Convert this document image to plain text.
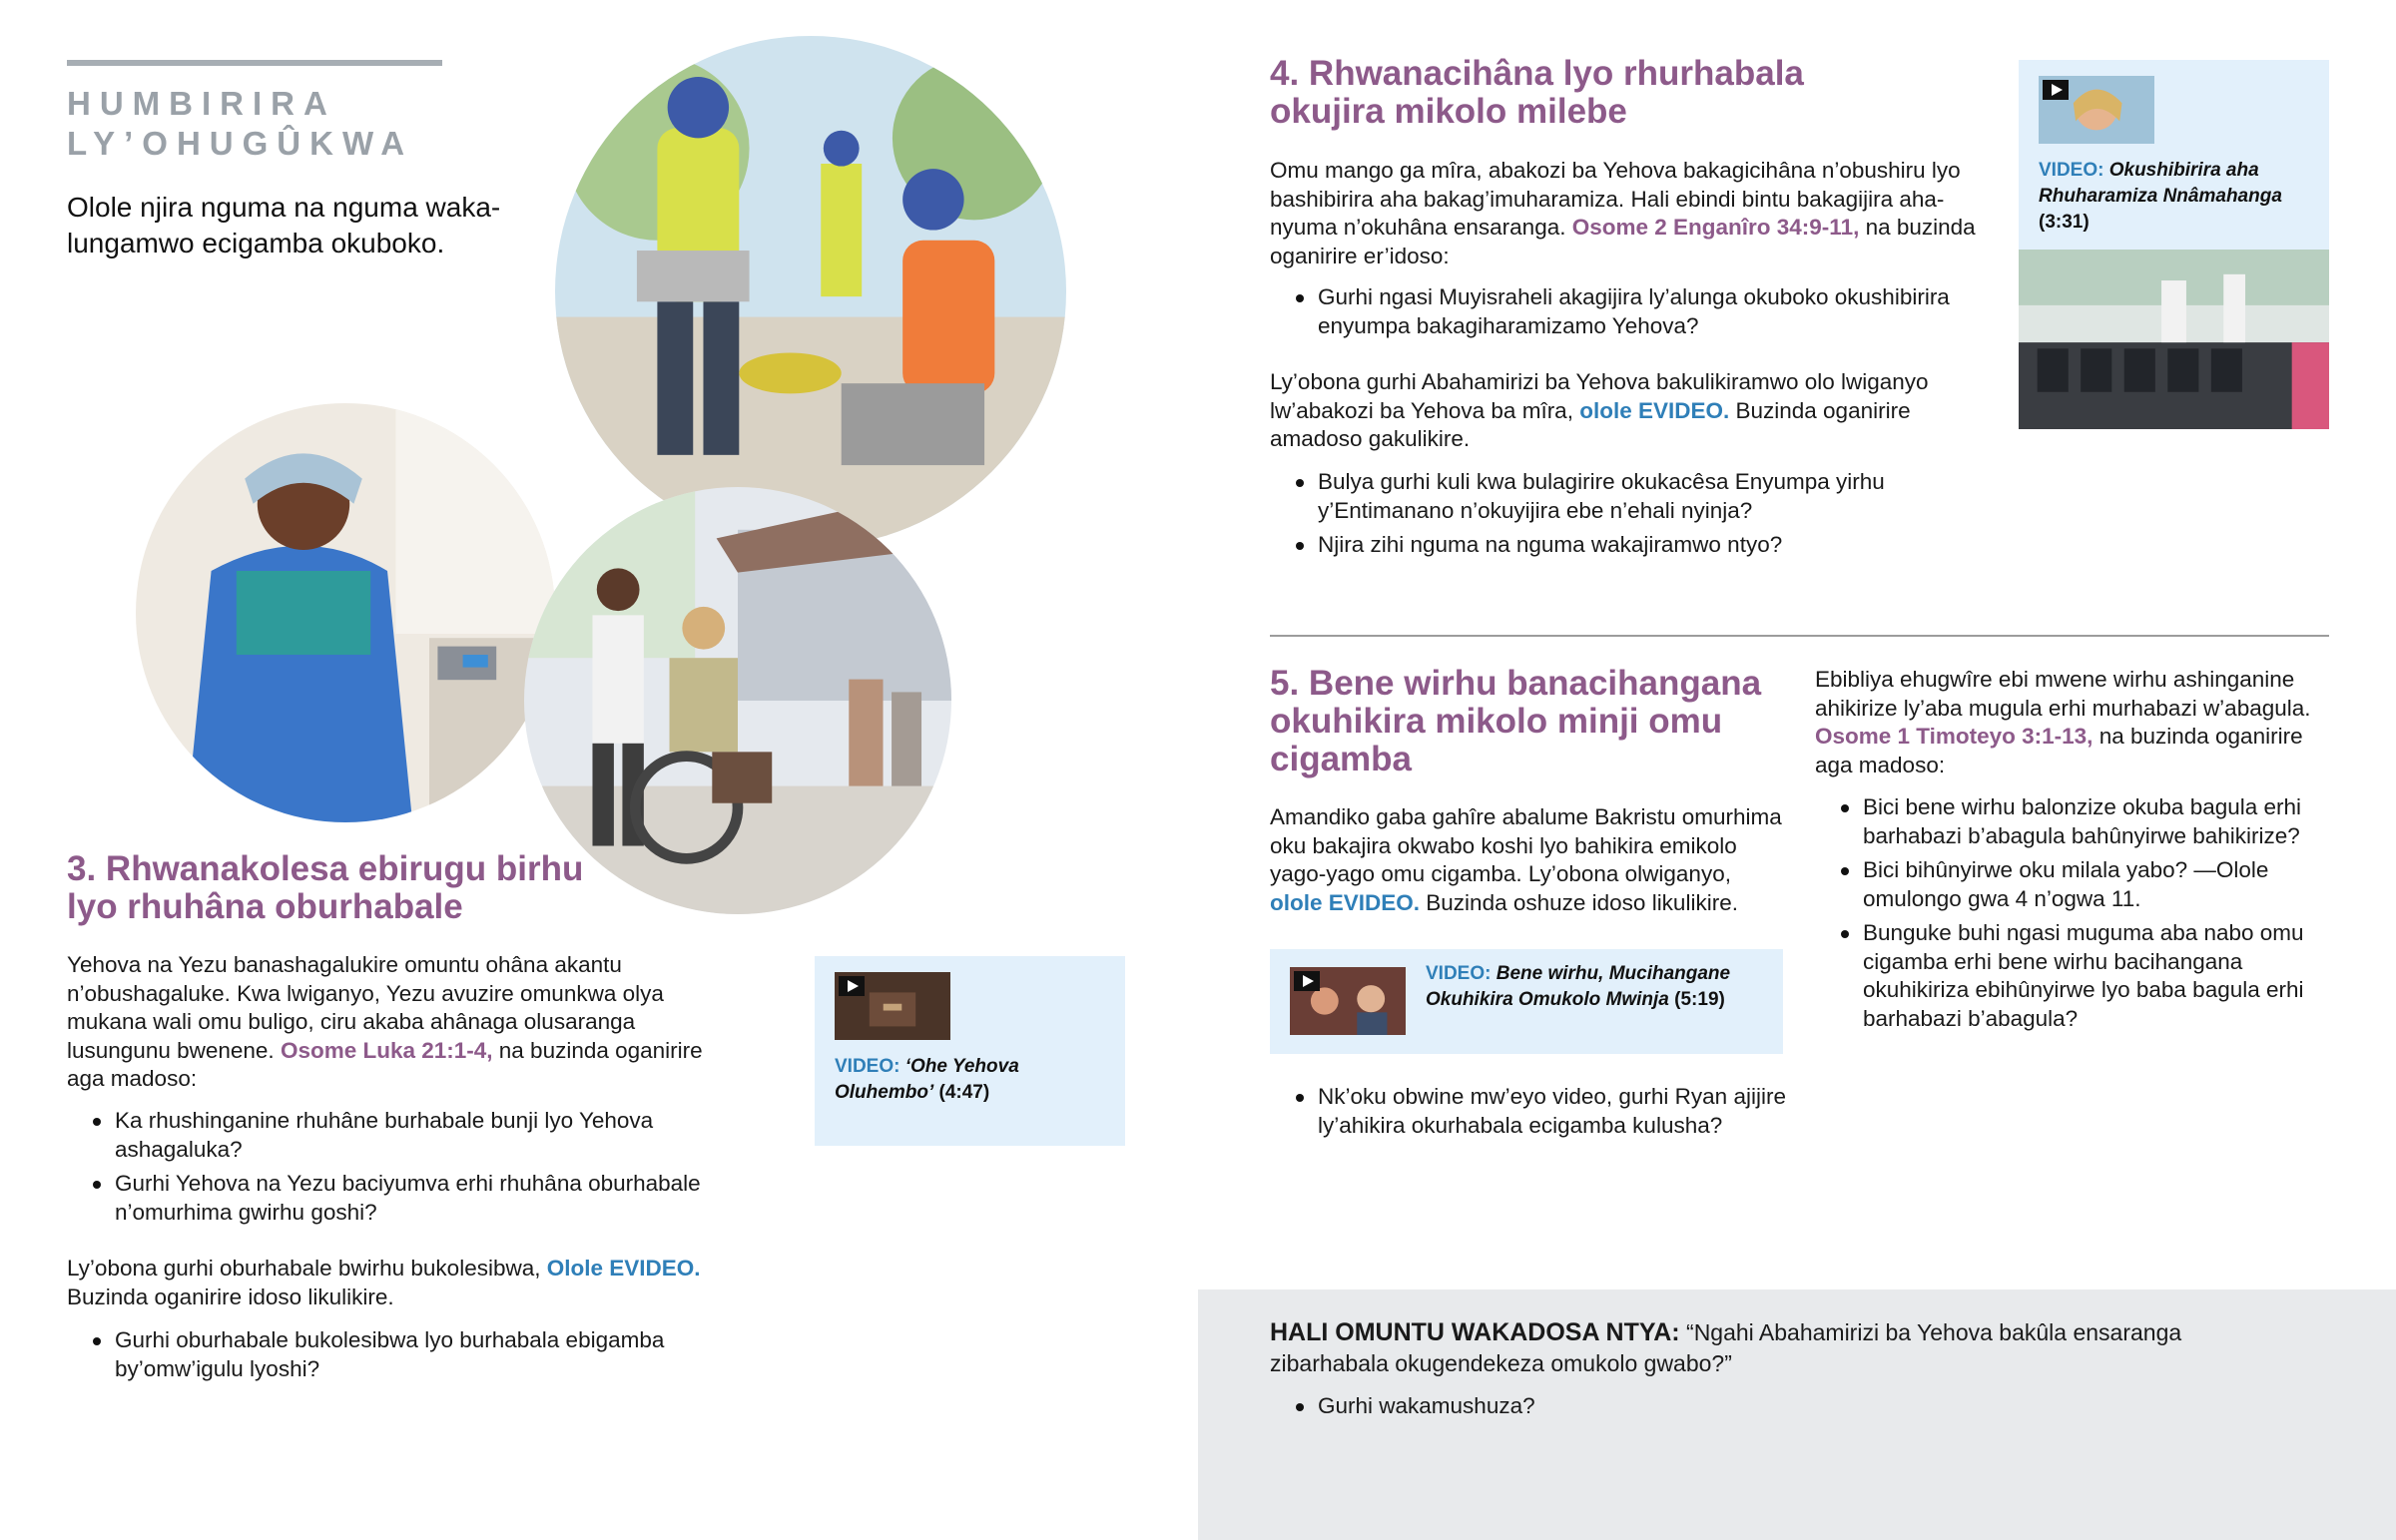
HUMBIRIRA
LY’OHUGÛKWA
Olole njira nguma na nguma wakalungamwo ecigamba okuboko.
3. Rhwanakolesa ebirugu birhu lyo rhuhâna oburhabale
Yehova na Yezu banashagalukire omuntu ohâna akantu n’obushagaluke. Kwa lwiganyo, Yezu avuzire omunkwa olya mukana wali omu buligo, ciru akaba ahânaga olusaranga lusungunu bwenene. Osome Luka 21:1-4, na buzinda oganirire aga madoso:
Ka rhushinganine rhuhâne burhabale bunji lyo Yehova ashagaluka?
Gurhi Yehova na Yezu baciyumva erhi rhuhâna oburhabale n’omurhima gwirhu goshi?
Ly’obona gurhi oburhabale bwirhu bukolesibwa, Olole EVIDEO. Buzinda oganirire idoso likulikire.
Gurhi oburhabale bukolesibwa lyo burhabala ebigamba by’omw’igulu lyoshi?
VIDEO: ‘Ohe Yehova Oluhembo’ (4:47)
4. Rhwanacihâna lyo rhurhabala okujira mikolo milebe
Omu mango ga mîra, abakozi ba Yehova bakagicihâna n’obushiru lyo bashibirira aha bakag’imuharamiza. Hali ebindi bintu bakagijira ahanyuma n’okuhâna ensaranga. Osome 2 Enganîro 34:9-11, na buzinda oganirire er’idoso:
Gurhi ngasi Muyisraheli akagijira ly’alunga okuboko okushibirira enyumpa bakagiharamizamo Yehova?
Ly’obona gurhi Abahamirizi ba Yehova bakulikiramwo olo lwiganyo lw’abakozi ba Yehova ba mîra, olole EVIDEO. Buzinda oganirire amadoso gakulikire.
Bulya gurhi kuli kwa bulagirire okukacêsa Enyumpa yirhu y’Entimanano n’okuyijira ebe n’ehali nyinja?
Njira zihi nguma na nguma wakajiramwo ntyo?
VIDEO: Okushibirira aha Rhuharamiza Nnâmahanga (3:31)
5. Bene wirhu banacihangana okuhikira mikolo minji omu cigamba
Amandiko gaba gahîre abalume Bakristu omurhima oku bakajira okwabo koshi lyo bahikira emikolo yago-yago omu cigamba. Ly’obona olwiganyo, olole EVIDEO. Buzinda oshuze idoso likulikire.
VIDEO: Bene wirhu, Mucihangane Okuhikira Omukolo Mwinja (5:19)
Nk’oku obwine mw’eyo video, gurhi Ryan ajijire ly’ahikira okurhabala ecigamba kulusha?
Ebibliya ehugwîre ebi mwene wirhu ashinganine ahikirize ly’aba mugula erhi murhabazi w’abagula. Osome 1 Timoteyo 3:1-13, na buzinda oganirire aga madoso:
Bici bene wirhu balonzize okuba bagula erhi barhabazi b’abagula bahûnyirwe bahikirize?
Bici bihûnyirwe oku milala yabo? —Olole omulongo gwa 4 n’ogwa 11.
Bunguke buhi ngasi muguma aba nabo omu cigamba erhi bene wirhu bacihangana okuhikiriza ebihûnyirwe lyo baba bagula erhi barhabazi b’abagula?
HALI OMUNTU WAKADOSA NTYA: “Ngahi Abahamirizi ba Yehova bakûla ensaranga zibarhabala okugendekeza omukolo gwabo?”
Gurhi wakamushuza?
